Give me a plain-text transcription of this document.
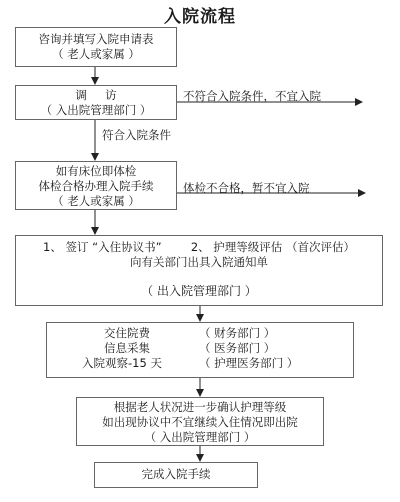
入院流程
咨询并填写入院申请表
（ 老人或家属 ）
调     访
（ 入出院管理部门 ）
不符合入院条件，不宜入院
符合入院条件
如有床位即体检
体检合格办理入院手续
（ 老人或家属 ）
体检不合格，暂不宜入院
1、 签订 “入住协议书”        2、 护理等级评估 （首次评估）
向有关部门出具入院通知单
（ 出入院管理部门 ）
交住院费	（ 财务部门 ）
信息采集	（ 医务部门 ）
入院观察-15 天	（ 护理医务部门 ）
根据老人状况进一步确认护理等级
如出现协议中不宜继续入住情况即出院
（ 入出院管理部门 ）
完成入院手续
